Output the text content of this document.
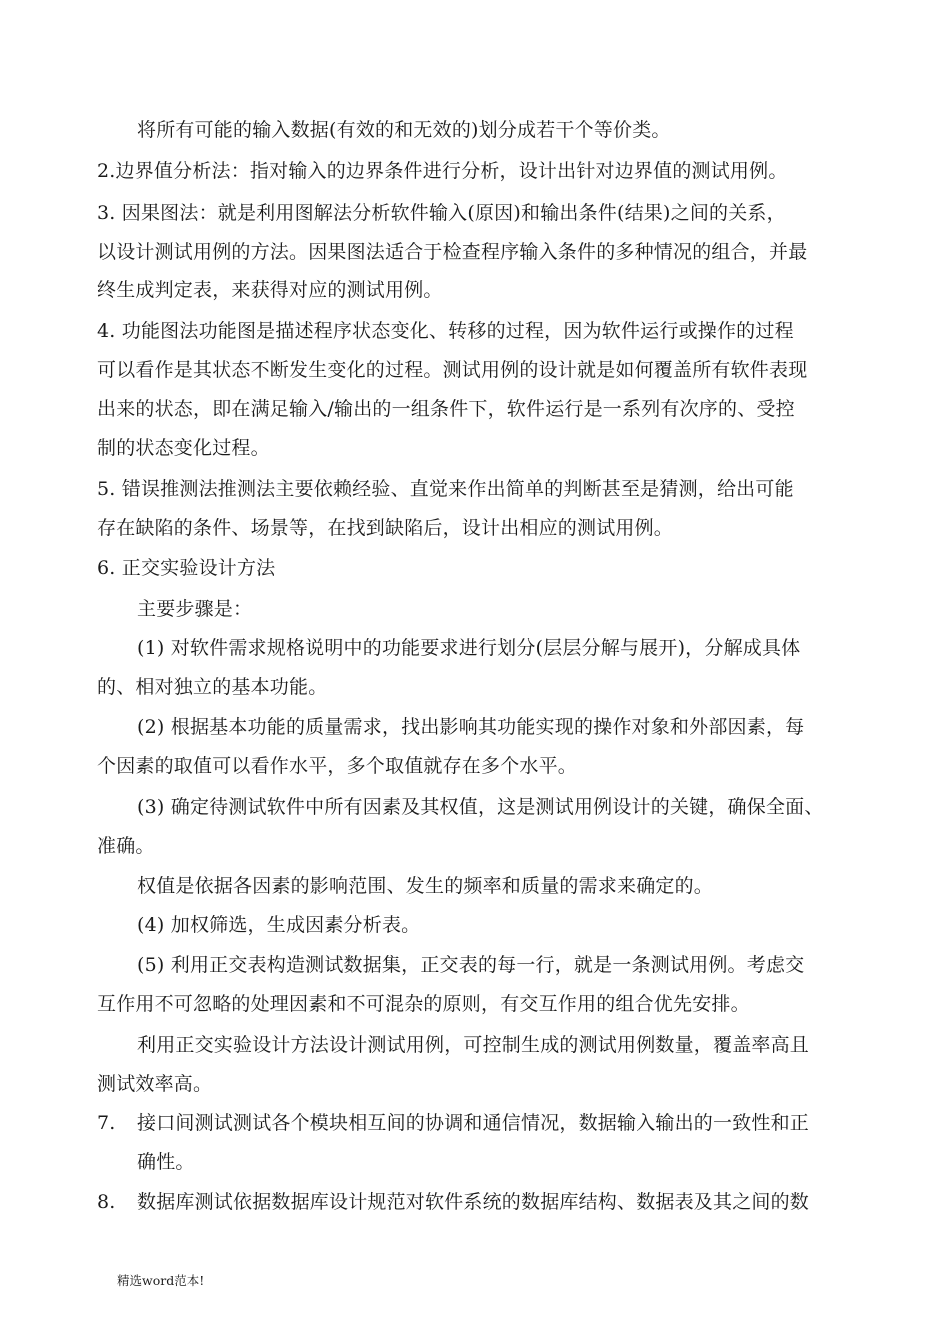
将所有可能的输入数据(有效的和无效的)划分成若干个等价类。
2.边界值分析法：指对输入的边界条件进行分析，设计出针对边界值的测试用例。
3. 因果图法：就是利用图解法分析软件输入(原因)和输出条件(结果)之间的关系，
以设计测试用例的方法。因果图法适合于检查程序输入条件的多种情况的组合，并最
终生成判定表，来获得对应的测试用例。
4. 功能图法功能图是描述程序状态变化、转移的过程，因为软件运行或操作的过程
可以看作是其状态不断发生变化的过程。测试用例的设计就是如何覆盖所有软件表现
出来的状态，即在满足输入/输出的一组条件下，软件运行是一系列有次序的、受控
制的状态变化过程。
5. 错误推测法推测法主要依赖经验、直觉来作出简单的判断甚至是猜测，给出可能
存在缺陷的条件、场景等，在找到缺陷后，设计出相应的测试用例。
6. 正交实验设计方法
主要步骤是：
(1) 对软件需求规格说明中的功能要求进行划分(层层分解与展开)，分解成具体
的、相对独立的基本功能。
(2) 根据基本功能的质量需求，找出影响其功能实现的操作对象和外部因素，每
个因素的取值可以看作水平，多个取值就存在多个水平。
(3) 确定待测试软件中所有因素及其权值，这是测试用例设计的关键，确保全面、
准确。
权值是依据各因素的影响范围、发生的频率和质量的需求来确定的。
(4) 加权筛选，生成因素分析表。
(5) 利用正交表构造测试数据集，正交表的每一行，就是一条测试用例。考虑交
互作用不可忽略的处理因素和不可混杂的原则，有交互作用的组合优先安排。
利用正交实验设计方法设计测试用例，可控制生成的测试用例数量，覆盖率高且
测试效率高。
7. 接口间测试测试各个模块相互间的协调和通信情况，数据输入输出的一致性和正
确性。
8. 数据库测试依据数据库设计规范对软件系统的数据库结构、数据表及其之间的数
精选word范本!
